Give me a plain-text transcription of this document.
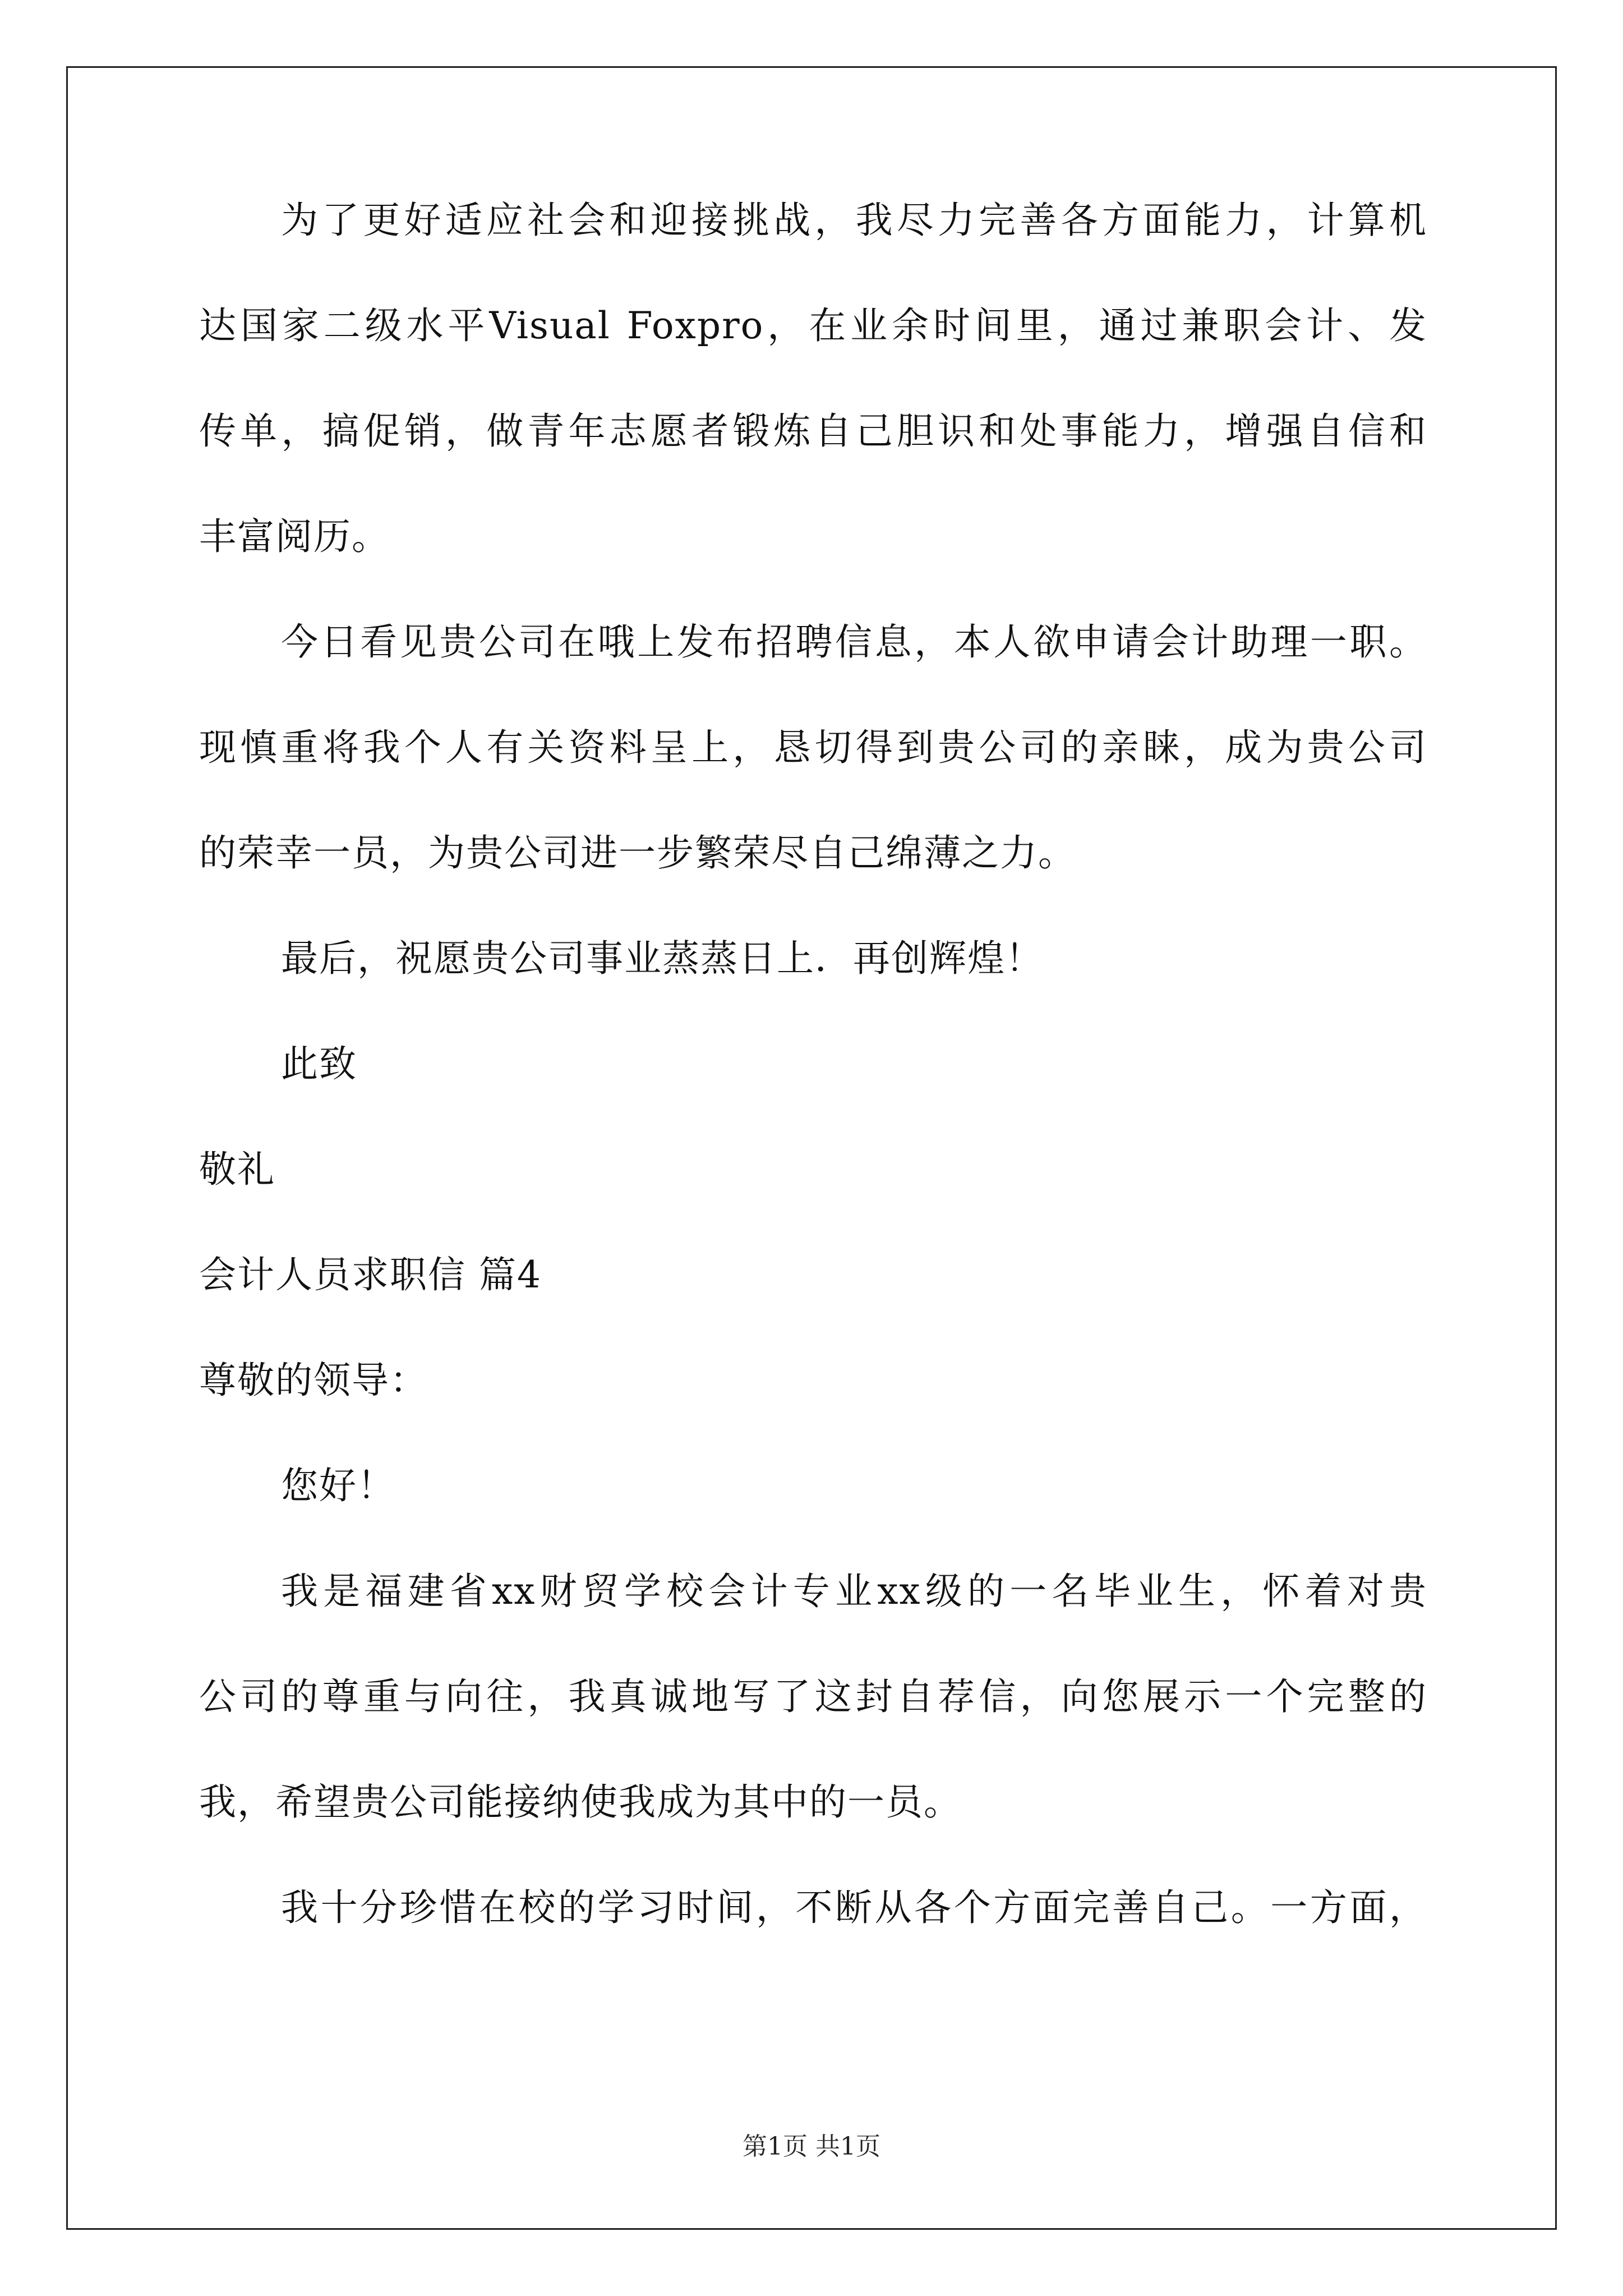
为了更好适应社会和迎接挑战，我尽力完善各方面能力，计算机
达国家二级水平Visual Foxpro，在业余时间里，通过兼职会计、发
传单，搞促销，做青年志愿者锻炼自己胆识和处事能力，增强自信和
丰富阅历。
今日看见贵公司在哦上发布招聘信息，本人欲申请会计助理一职。
现慎重将我个人有关资料呈上，恳切得到贵公司的亲睐，成为贵公司
的荣幸一员，为贵公司进一步繁荣尽自己绵薄之力。
最后，祝愿贵公司事业蒸蒸日上．再创辉煌！
此致
敬礼
会计人员求职信 篇4
尊敬的领导：
您好！
我是福建省xx财贸学校会计专业xx级的一名毕业生，怀着对贵
公司的尊重与向往，我真诚地写了这封自荐信，向您展示一个完整的
我，希望贵公司能接纳使我成为其中的一员。
我十分珍惜在校的学习时间，不断从各个方面完善自己。一方面，
第1页 共1页
